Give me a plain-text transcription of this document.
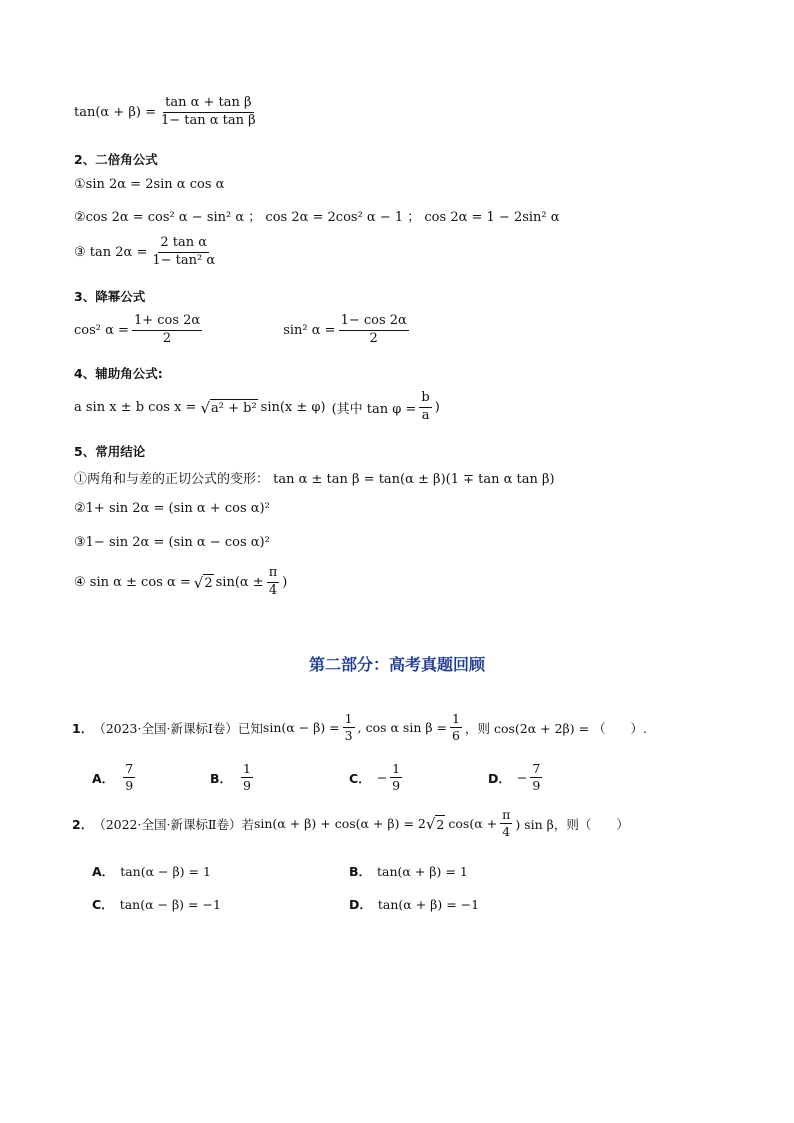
$\tan(\alpha + \beta) = \frac{\text{tan α + tan β}}{\text{1− tan α tan β}}$
2、二倍角公式
①sin 2α = 2sin α cos α
②cos 2α = cos² α − sin² α ； cos 2α = 2cos² α − 1 ； cos 2α = 1 − 2sin² α
③ $\tan 2\alpha = \frac{\text{2 tan α}}{\text{1− tan² α}}$
3、降幂公式
cos² $\alpha = \frac{1+ \cos 2\alpha}{2}$	sin² $\alpha = \frac{1- \cos 2\alpha}{2}$
4、辅助角公式:
a sin x ± b cos x = √ a² + b² sin(x ± φ) (其中 $\tan \varphi = \frac{b}{a}$ )
5、常用结论
①两角和与差的正切公式的变形： tan α ± tan β = tan(α ± β)(1 ∓ tan α tan β)
②1+ sin 2α = (sin α + cos α)²
③1− sin 2α = (sin α − cos α)²
④ sin α ± cos α = √ 2 $\sin(\alpha \pm \frac{\pi}{4}$ )
第二部分：高考真题回顾
1． （2023·全国·新课标Ⅰ卷）已知 $\sin(\alpha - \beta) = \frac{1}{3}$ , cos α $\sin \beta = \frac{1}{6}$ ，则 cos(2α + 2β) = （　　）.
A． $\frac{7}{9}$	B． $\frac{1}{9}$	C． − $\frac{1}{9}$	D． − $\frac{7}{9}$
2． （2022·全国·新课标Ⅱ卷）若 sin(α + β) + cos(α + β) = 2 √ 2 $\cos(\alpha + \frac{\pi}{4}$ ) sin β，则（　　）
A． tan(α − β) = 1	B． tan(α + β) = 1
C． tan(α − β) = −1	D． tan(α + β) = −1
